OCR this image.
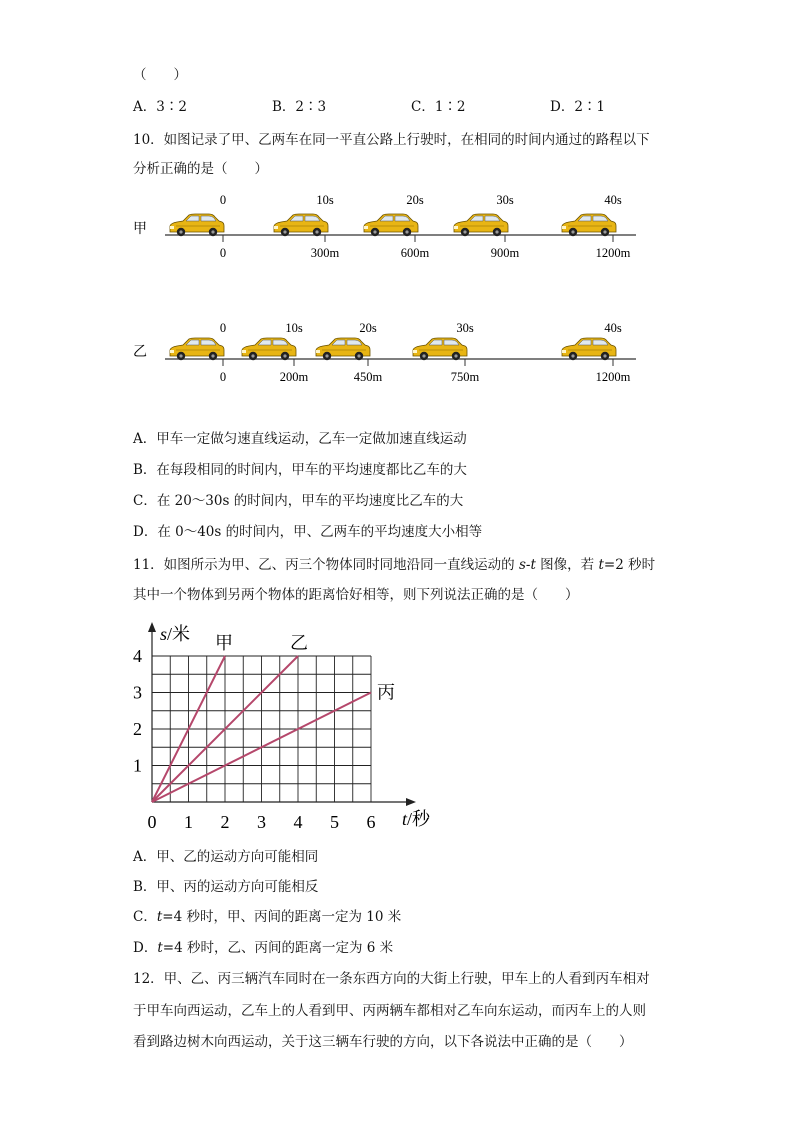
（　　）
A．3∶2	B．2∶3	C．1∶2	D．2∶1
10．如图记录了甲、乙两车在同一平直公路上行驶时，在相同的时间内通过的路程以下
分析正确的是（　　）
甲
0	10s	20s	30s	40s
0	300m	600m	900m	1200m
乙
0	10s	20s	30s	40s
0	200m	450m	750m	1200m
A．甲车一定做匀速直线运动，乙车一定做加速直线运动
B．在每段相同的时间内，甲车的平均速度都比乙车的大
C．在 20～30s 的时间内，甲车的平均速度比乙车的大
D．在 0～40s 的时间内，甲、乙两车的平均速度大小相等
11．如图所示为甲、乙、丙三个物体同时同地沿同一直线运动的 s-t 图像，若 t=2 秒时
其中一个物体到另两个物体的距离恰好相等，则下列说法正确的是（　　）
甲	乙
丙
0 1 2 3 4 5 6
1
2
3
4
s/米
t/秒
A．甲、乙的运动方向可能相同
B．甲、丙的运动方向可能相反
C．t=4 秒时，甲、丙间的距离一定为 10 米
D．t=4 秒时，乙、丙间的距离一定为 6 米
12．甲、乙、丙三辆汽车同时在一条东西方向的大街上行驶，甲车上的人看到丙车相对
于甲车向西运动，乙车上的人看到甲、丙两辆车都相对乙车向东运动，而丙车上的人则
看到路边树木向西运动，关于这三辆车行驶的方向，以下各说法中正确的是（　　）
